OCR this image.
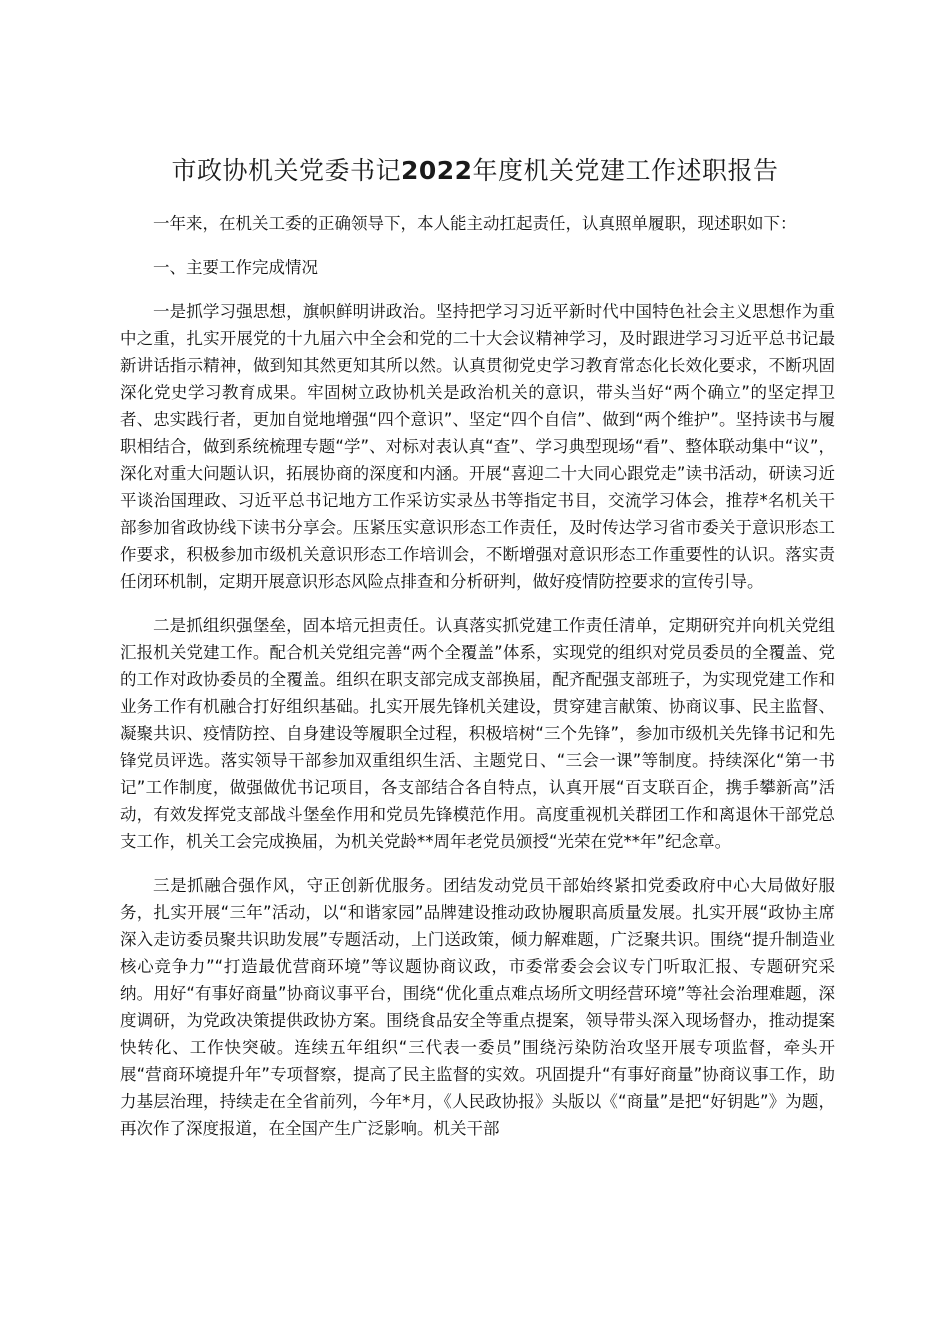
市政协机关党委书记2022年度机关党建工作述职报告

一年来，在机关工委的正确领导下，本人能主动扛起责任，认真照单履职，现述职如下：

一、主要工作完成情况

一是抓学习强思想，旗帜鲜明讲政治。坚持把学习习近平新时代中国特色社会主义思想作为重中之重，扎实开展党的十九届六中全会和党的二十大会议精神学习，及时跟进学习习近平总书记最新讲话指示精神，做到知其然更知其所以然。认真贯彻党史学习教育常态化长效化要求，不断巩固深化党史学习教育成果。牢固树立政协机关是政治机关的意识，带头当好“两个确立”的坚定捍卫者、忠实践行者，更加自觉地增强“四个意识”、坚定“四个自信”、做到“两个维护”。坚持读书与履职相结合，做到系统梳理专题“学”、对标对表认真“查”、学习典型现场“看”、整体联动集中“议”，深化对重大问题认识，拓展协商的深度和内涵。开展“喜迎二十大同心跟党走”读书活动，研读习近平谈治国理政、习近平总书记地方工作采访实录丛书等指定书目，交流学习体会，推荐*名机关干部参加省政协线下读书分享会。压紧压实意识形态工作责任，及时传达学习省市委关于意识形态工作要求，积极参加市级机关意识形态工作培训会，不断增强对意识形态工作重要性的认识。落实责任闭环机制，定期开展意识形态风险点排查和分析研判，做好疫情防控要求的宣传引导。

二是抓组织强堡垒，固本培元担责任。认真落实抓党建工作责任清单，定期研究并向机关党组汇报机关党建工作。配合机关党组完善“两个全覆盖”体系，实现党的组织对党员委员的全覆盖、党的工作对政协委员的全覆盖。组织在职支部完成支部换届，配齐配强支部班子，为实现党建工作和业务工作有机融合打好组织基础。扎实开展先锋机关建设，贯穿建言献策、协商议事、民主监督、凝聚共识、疫情防控、自身建设等履职全过程，积极培树“三个先锋”，参加市级机关先锋书记和先锋党员评选。落实领导干部参加双重组织生活、主题党日、“三会一课”等制度。持续深化“第一书记”工作制度，做强做优书记项目，各支部结合各自特点，认真开展“百支联百企，携手攀新高”活动，有效发挥党支部战斗堡垒作用和党员先锋模范作用。高度重视机关群团工作和离退休干部党总支工作，机关工会完成换届，为机关党龄**周年老党员颁授“光荣在党**年”纪念章。

三是抓融合强作风，守正创新优服务。团结发动党员干部始终紧扣党委政府中心大局做好服务，扎实开展“三年”活动，以“和谐家园”品牌建设推动政协履职高质量发展。扎实开展“政协主席深入走访委员聚共识助发展”专题活动，上门送政策，倾力解难题，广泛聚共识。围绕“提升制造业核心竞争力”“打造最优营商环境”等议题协商议政，市委常委会会议专门听取汇报、专题研究采纳。用好“有事好商量”协商议事平台，围绕“优化重点难点场所文明经营环境”等社会治理难题，深度调研，为党政决策提供政协方案。围绕食品安全等重点提案，领导带头深入现场督办，推动提案快转化、工作快突破。连续五年组织“三代表一委员”围绕污染防治攻坚开展专项监督，牵头开展“营商环境提升年”专项督察，提高了民主监督的实效。巩固提升“有事好商量”协商议事工作，助力基层治理，持续走在全省前列，今年*月，《人民政协报》头版以《“商量”是把“好钥匙”》为题，再次作了深度报道，在全国产生广泛影响。机关干部
